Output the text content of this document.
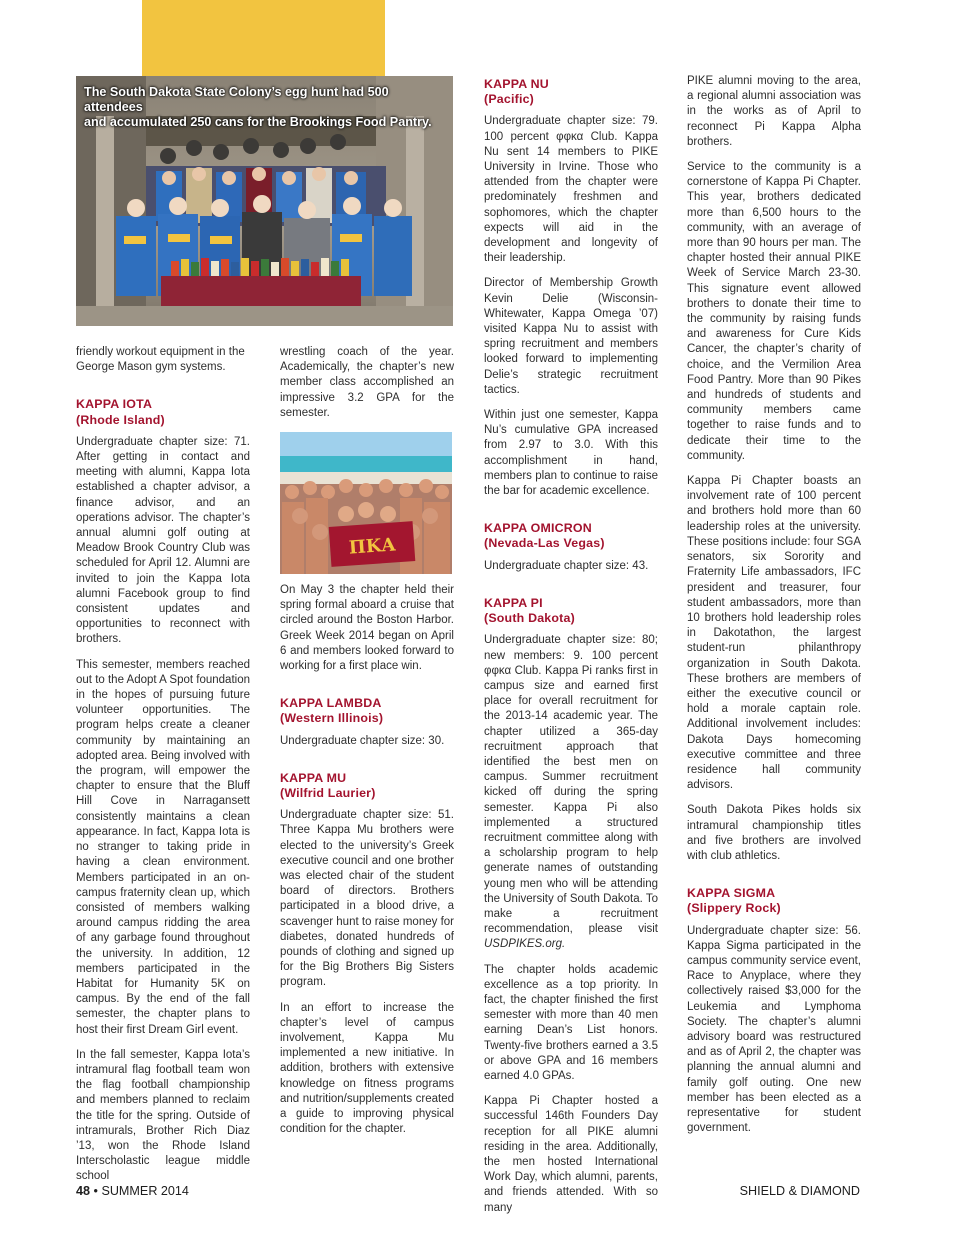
The South Dakota State Colony’s egg hunt had 500 attendees
and accumulated 250 cans for the Brookings Food Pantry.

friendly workout equipment in the George Mason gym systems.

KAPPA IOTA
(Rhode Island)

Undergraduate chapter size: 71. After getting in contact and meeting with alumni, Kappa Iota established a chapter advisor, a finance advisor, and an operations advisor. The chapter’s annual alumni golf outing at Meadow Brook Country Club was scheduled for April 12. Alumni are invited to join the Kappa Iota alumni Facebook group to find consistent updates and opportunities to reconnect with brothers.

This semester, members reached out to the Adopt A Spot foundation in the hopes of pursuing future volunteer opportunities. The program helps create a cleaner community by maintaining an adopted area. Being involved with the program, will empower the chapter to ensure that the Bluff Hill Cove in Narragansett consistently maintains a clean appearance. In fact, Kappa Iota is no stranger to taking pride in having a clean environment. Members participated in an on-campus fraternity clean up, which consisted of members walking around campus ridding the area of any garbage found throughout the university. In addition, 12 members participated in the Habitat for Humanity 5K on campus. By the end of the fall semester, the chapter plans to host their first Dream Girl event.

In the fall semester, Kappa Iota’s intramural flag football team won the flag football championship and members planned to reclaim the title for the spring. Outside of intramurals, Brother Rich Diaz ’13, won the Rhode Island Interscholastic league middle school

wrestling coach of the year. Academically, the chapter’s new member class accomplished an impressive 3.2 GPA for the semester.

ΠΚΑ

On May 3 the chapter held their spring formal aboard a cruise that circled around the Boston Harbor. Greek Week 2014 began on April 6 and members looked forward to working for a first place win.

KAPPA LAMBDA
(Western Illinois)

Undergraduate chapter size: 30.

KAPPA MU
(Wilfrid Laurier)

Undergraduate chapter size: 51. Three Kappa Mu brothers were elected to the university’s Greek executive council and one brother was elected chair of the student board of directors. Brothers participated in a blood drive, a scavenger hunt to raise money for diabetes, donated hundreds of pounds of clothing and signed up for the Big Brothers Big Sisters program.

In an effort to increase the chapter’s level of campus involvement, Kappa Mu implemented a new initiative. In addition, brothers with extensive knowledge on fitness programs and nutrition/supplements created a guide to improving physical condition for the chapter.

KAPPA NU
(Pacific)

Undergraduate chapter size: 79. 100 percent φφκα Club. Kappa Nu sent 14 members to PIKE University in Irvine. Those who attended from the chapter were predominately freshmen and sophomores, which the chapter expects will aid in the development and longevity of their leadership.

Director of Membership Growth Kevin Delie (Wisconsin-Whitewater, Kappa Omega ’07) visited Kappa Nu to assist with spring recruitment and members looked forward to implementing Delie’s strategic recruitment tactics.

Within just one semester, Kappa Nu’s cumulative GPA increased from 2.97 to 3.0. With this accomplishment in hand, members plan to continue to raise the bar for academic excellence.

KAPPA OMICRON
(Nevada-Las Vegas)

Undergraduate chapter size: 43.

KAPPA PI
(South Dakota)

Undergraduate chapter size: 80; new members: 9. 100 percent φφκα Club. Kappa Pi ranks first in campus size and earned first place for overall recruitment for the 2013-14 academic year. The chapter utilized a 365-day recruitment approach that identified the best men on campus. Summer recruitment kicked off during the spring semester. Kappa Pi also implemented a structured recruitment committee along with a scholarship program to help generate names of outstanding young men who will be attending the University of South Dakota. To make a recruitment recommendation, please visit USDPIKES.org.

The chapter holds academic excellence as a top priority. In fact, the chapter finished the first semester with more than 40 men earning Dean’s List honors. Twenty-five brothers earned a 3.5 or above GPA and 16 members earned 4.0 GPAs.

Kappa Pi Chapter hosted a successful 146th Founders Day reception for all PIKE alumni residing in the area. Additionally, the men hosted International Work Day, which alumni, parents, and friends attended. With so many

PIKE alumni moving to the area, a regional alumni association was in the works as of April to reconnect Pi Kappa Alpha brothers.

Service to the community is a cornerstone of Kappa Pi Chapter. This year, brothers dedicated more than 6,500 hours to the community, with an average of more than 90 hours per man. The chapter hosted their annual PIKE Week of Service March 23-30. This signature event allowed brothers to donate their time to the community by raising funds and awareness for Cure Kids Cancer, the chapter’s charity of choice, and the Vermilion Area Food Pantry. More than 90 Pikes and hundreds of students and community members came together to raise funds and to dedicate their time to the community.

Kappa Pi Chapter boasts an involvement rate of 100 percent and brothers hold more than 60 leadership roles at the university. These positions include: four SGA senators, six Sorority and Fraternity Life ambassadors, IFC president and treasurer, four student ambassadors, more than 10 brothers hold leadership roles in Dakotathon, the largest student-run philanthropy organization in South Dakota. These brothers are members of either the executive council or hold a morale captain role. Additional involvement includes: Dakota Days homecoming executive committee and three residence hall community advisors.

South Dakota Pikes holds six intramural championship titles and five brothers are involved with club athletics.

KAPPA SIGMA
(Slippery Rock)

Undergraduate chapter size: 56. Kappa Sigma participated in the campus community service event, Race to Anyplace, where they collectively raised $3,000 for the Leukemia and Lymphoma Society. The chapter’s alumni advisory board was restructured and as of April 2, the chapter was planning the annual alumni and family golf outing. One new member has been elected as a representative for student government.

48 • SUMMER 2014	SHIELD & DIAMOND
